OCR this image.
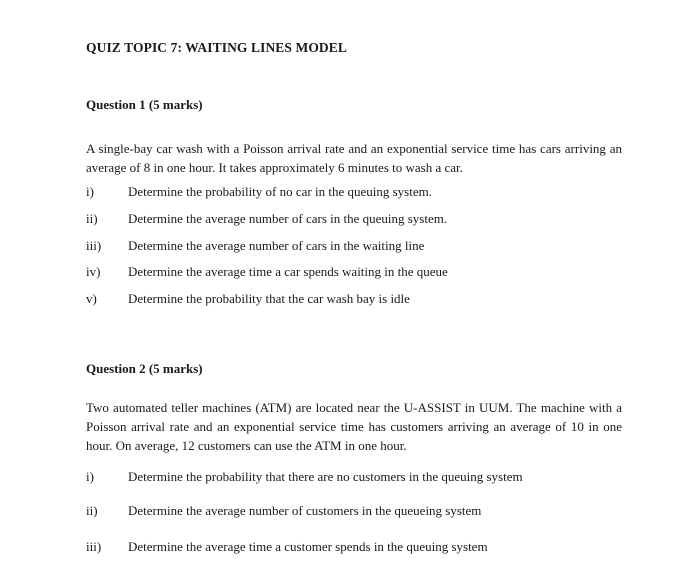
QUIZ TOPIC 7: WAITING LINES MODEL
Question 1 (5 marks)
A single-bay car wash with a Poisson arrival rate and an exponential service time has cars arriving an average of 8 in one hour. It takes approximately 6 minutes to wash a car.
i)	Determine the probability of no car in the queuing system.
ii) Determine the average number of cars in the queuing system.
iii) Determine the average number of cars in the waiting line
iv) Determine the average time a car spends waiting in the queue
v) Determine the probability that the car wash bay is idle
Question 2 (5 marks)
Two automated teller machines (ATM) are located near the U-ASSIST in UUM. The machine with a Poisson arrival rate and an exponential service time has customers arriving an average of 10 in one hour. On average, 12 customers can use the ATM in one hour.
i)	Determine the probability that there are no customers in the queuing system
ii) Determine the average number of customers in the queueing system
iii) Determine the average time a customer spends in the queuing system
